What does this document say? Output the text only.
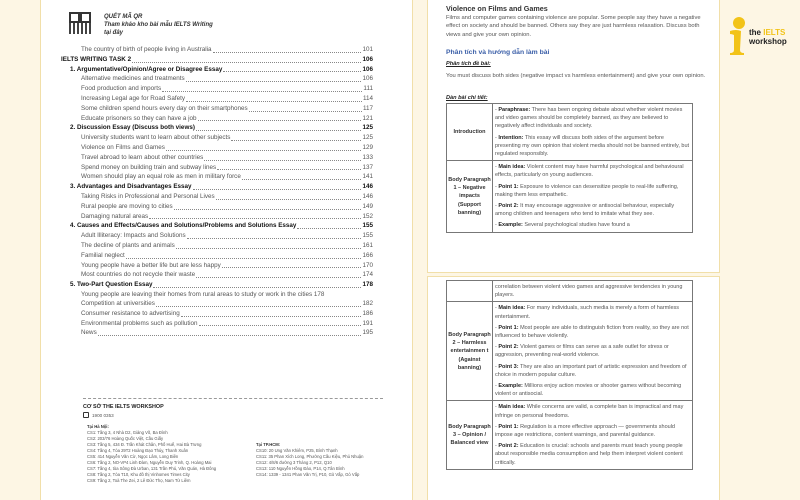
QUÉT MÃ QR
Tham khảo kho bài mẫu IELTS Writing
tại đây
The country of birth of people living in Australia	101
IELTS WRITING TASK 2	106
1. Argumentative/Opinion/Agree or Disagree Essay	106
Alternative medicines and treatments	106
Food production and imports	111
Increasing Legal age for Road Safety	114
Some children spend hours every day on their smartphones	117
Educate prisoners so they can have a job	121
2. Discussion Essay (Discuss both views)	125
University students want to learn about other subjects	125
Violence on Films and Games	129
Travel abroad to learn about other countries	133
Spend money on building train and subway lines	137
Women should play an equal role as men in military force	141
3. Advantages and Disadvantages Essay	146
Taking Risks in Professional and Personal Lives	146
Rural people are moving to cities	149
Damaging natural areas	152
4. Causes and Effects/Causes and Solutions/Problems and Solutions Essay	155
Adult Illiteracy: Impacts and Solutions	155
The decline of plants and animals	161
Familial neglect	166
Young people have a better life but are less happy	170
Most countries do not recycle their waste	174
5. Two-Part Question Essay	178
Young people are leaving their homes from rural areas to study or work in the cities 178
Competition at universities	182
Consumer resistance to advertising	186
Environmental problems such as pollution	191
News	195
CƠ SỞ THE IELTS WORKSHOP
1900 0353
Tại Hà Nội:
CS1: Tầng 3, 4 Nhà D2, Giảng Võ, Ba Đình
CS2: 203/76 Hoàng Quốc Việt, Cầu Giấy
CS3: Tầng 5, 434 Đ. Trần Khát Chân, Phố Huế, Hai Bà Trưng
CS4: Tầng 4, Tòa 29T2 Hoàng Đạo Thúy, Thanh Xuân
CS5: 414 Nguyễn Văn Cừ, Ngọc Lâm, Long Biên
CS6: Tầng 2, NO-VP4 Linh Đàm, Nguyễn Duy Trinh, Q. Hoàng Mai
CS7: Tầng 4, tòa Sông Đà Urban, 131 Trần Phú, Văn Quán, Hà Đông
CS8: Tầng 2, Tòa T10, Khu đô thị Vinhomes Times City
CS9: Tầng 2, Toà The Zei, 2 Lê Đức Thọ, Nam Từ Liêm
Tại TP.HCM:
CS10: 20 Ung Văn Khiêm, P25, Bình Thạnh
CS11: 35 Phan Xích Long, Phường Cầu Kiệu, Phú Nhuận
CS12: 4/8/6 đường 3 Tháng 2, P12, Q10
CS13: 110 Nguyễn Hồng Đào, P14, Q.Tân Bình
CS14: 1339 - 1341 Phan Văn Trị, P10, Gò Vấp, Gò Vấp
Violence on Films and Games
Films and computer games containing violence are popular. Some people say they have a negative effect on society and should be banned. Others say they are just harmless relaxation. Discuss both views and give your own opinion.
Phân tích và hướng dẫn làm bài
Phân tích đề bài:
You must discuss both sides (negative impact vs harmless entertainment) and give your own opinion.
Dàn bài chi tiết:
Introduction	- Paraphrase: There has been ongoing debate about whether violent movies and video games should be completely banned, as they are believed to negatively affect individuals and society.

- Intention: This essay will discuss both sides of the argument before presenting my own opinion that violent media should not be banned entirely, but regulated responsibly.

Body Paragraph 1 – Negative impacts (Support banning)	- Main idea: Violent content may have harmful psychological and behavioural effects, particularly on young audiences.

- Point 1: Exposure to violence can desensitize people to real-life suffering, making them less empathetic.

- Point 2: It may encourage aggressive or antisocial behaviour, especially among children and teenagers who tend to imitate what they see.

- Example: Several psychological studies have found a

	correlation between violent video games and aggressive tendencies in young players.

Body Paragraph 2 – Harmless entertainmen t (Against banning)	- Main idea: For many individuals, such media is merely a form of harmless entertainment.

- Point 1: Most people are able to distinguish fiction from reality, so they are not influenced to behave violently.

- Point 2: Violent games or films can serve as a safe outlet for stress or aggression, preventing real-world violence.

- Point 3: They are also an important part of artistic expression and freedom of choice in modern popular culture.

- Example: Millions enjoy action movies or shooter games without becoming violent or antisocial.

Body Paragraph 3 – Opinion / Balanced view	- Main idea: While concerns are valid, a complete ban is impractical and may infringe on personal freedoms.

- Point 1: Regulation is a more effective approach — governments should impose age restrictions, content warnings, and parental guidance.

- Point 2: Education is crucial: schools and parents must teach young people about responsible media consumption and help them interpret violent content critically.

the IELTS
workshop
